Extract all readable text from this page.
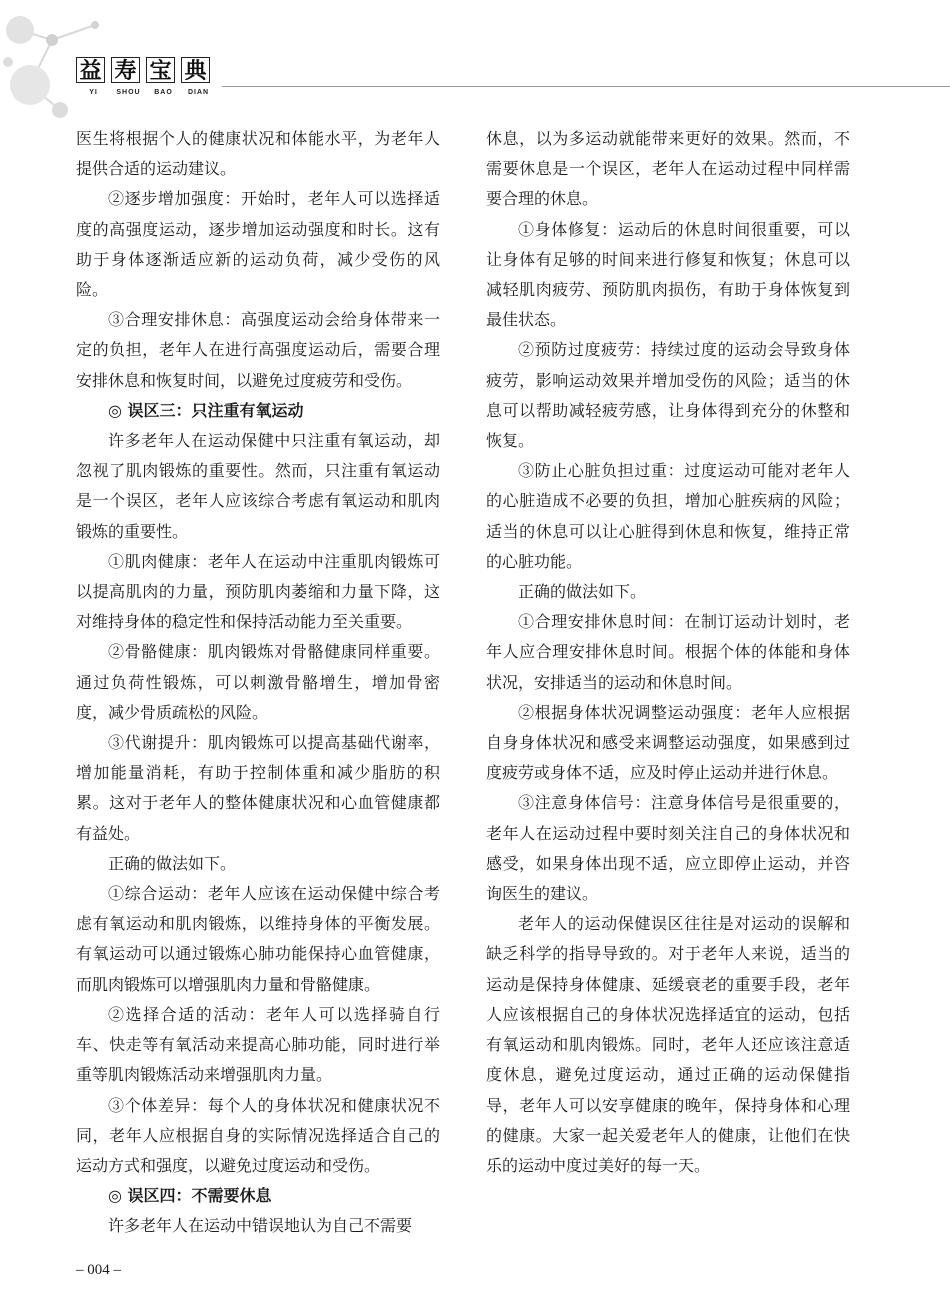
益 寿 宝 典
YI	SHOU	BAO	DIAN

医生将根据个人的健康状况和体能水平，为老年人提供合适的运动建议。

②逐步增加强度：开始时，老年人可以选择适度的高强度运动，逐步增加运动强度和时长。这有助于身体逐渐适应新的运动负荷，减少受伤的风险。

③合理安排休息：高强度运动会给身体带来一定的负担，老年人在进行高强度运动后，需要合理安排休息和恢复时间，以避免过度疲劳和受伤。

◎ 误区三：只注重有氧运动

许多老年人在运动保健中只注重有氧运动，却忽视了肌肉锻炼的重要性。然而，只注重有氧运动是一个误区，老年人应该综合考虑有氧运动和肌肉锻炼的重要性。

①肌肉健康：老年人在运动中注重肌肉锻炼可以提高肌肉的力量，预防肌肉萎缩和力量下降，这对维持身体的稳定性和保持活动能力至关重要。

②骨骼健康：肌肉锻炼对骨骼健康同样重要。通过负荷性锻炼，可以刺激骨骼增生，增加骨密度，减少骨质疏松的风险。

③代谢提升：肌肉锻炼可以提高基础代谢率，增加能量消耗，有助于控制体重和减少脂肪的积累。这对于老年人的整体健康状况和心血管健康都有益处。

正确的做法如下。

①综合运动：老年人应该在运动保健中综合考虑有氧运动和肌肉锻炼，以维持身体的平衡发展。有氧运动可以通过锻炼心肺功能保持心血管健康，而肌肉锻炼可以增强肌肉力量和骨骼健康。

②选择合适的活动：老年人可以选择骑自行车、快走等有氧活动来提高心肺功能，同时进行举重等肌肉锻炼活动来增强肌肉力量。

③个体差异：每个人的身体状况和健康状况不同，老年人应根据自身的实际情况选择适合自己的运动方式和强度，以避免过度运动和受伤。

◎ 误区四：不需要休息

许多老年人在运动中错误地认为自己不需要

休息，以为多运动就能带来更好的效果。然而，不需要休息是一个误区，老年人在运动过程中同样需要合理的休息。

①身体修复：运动后的休息时间很重要，可以让身体有足够的时间来进行修复和恢复；休息可以减轻肌肉疲劳、预防肌肉损伤，有助于身体恢复到最佳状态。

②预防过度疲劳：持续过度的运动会导致身体疲劳，影响运动效果并增加受伤的风险；适当的休息可以帮助减轻疲劳感，让身体得到充分的休整和恢复。

③防止心脏负担过重：过度运动可能对老年人的心脏造成不必要的负担，增加心脏疾病的风险；适当的休息可以让心脏得到休息和恢复，维持正常的心脏功能。

正确的做法如下。

①合理安排休息时间：在制订运动计划时，老年人应合理安排休息时间。根据个体的体能和身体状况，安排适当的运动和休息时间。

②根据身体状况调整运动强度：老年人应根据自身身体状况和感受来调整运动强度，如果感到过度疲劳或身体不适，应及时停止运动并进行休息。

③注意身体信号：注意身体信号是很重要的，老年人在运动过程中要时刻关注自己的身体状况和感受，如果身体出现不适，应立即停止运动，并咨询医生的建议。

老年人的运动保健误区往往是对运动的误解和缺乏科学的指导导致的。对于老年人来说，适当的运动是保持身体健康、延缓衰老的重要手段，老年人应该根据自己的身体状况选择适宜的运动，包括有氧运动和肌肉锻炼。同时，老年人还应该注意适度休息，避免过度运动，通过正确的运动保健指导，老年人可以安享健康的晚年，保持身体和心理的健康。大家一起关爱老年人的健康，让他们在快乐的运动中度过美好的每一天。

– 004 –
